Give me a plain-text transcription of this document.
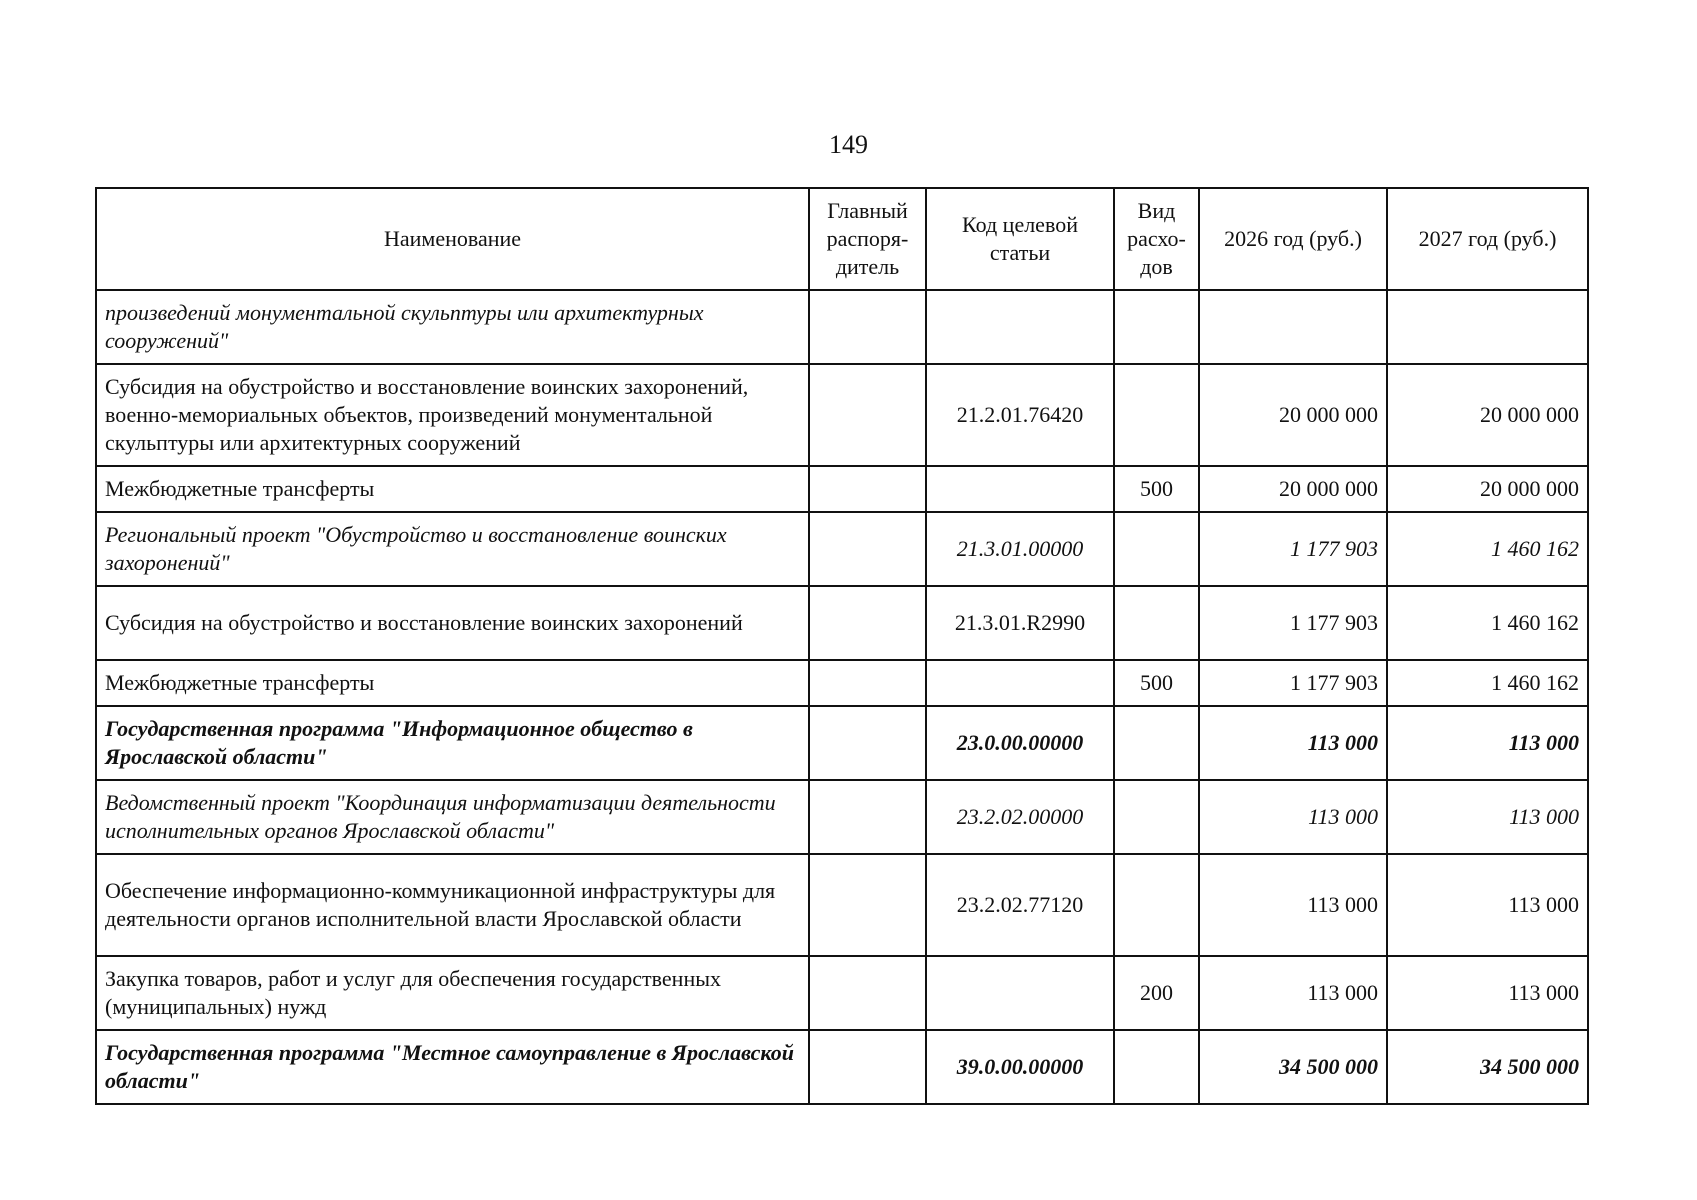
149
Наименование	Главный распоря-дитель	Код целевой статьи	Вид расхо-дов	2026 год (руб.)	2027 год (руб.)
произведений монументальной скульптуры или архитектурных сооружений"					
Субсидия на обустройство и восстановление воинских захоронений, военно-мемориальных объектов, произведений монументальной скульптуры или архитектурных сооружений		21.2.01.76420		20 000 000	20 000 000
Межбюджетные трансферты			500	20 000 000	20 000 000
Региональный проект "Обустройство и восстановление воинских захоронений"		21.3.01.00000		1 177 903	1 460 162
Субсидия на обустройство и восстановление воинских захоронений		21.3.01.R2990		1 177 903	1 460 162
Межбюджетные трансферты			500	1 177 903	1 460 162
Государственная программа "Информационное общество в Ярославской области"		23.0.00.00000		113 000	113 000
Ведомственный проект "Координация информатизации деятельности исполнительных органов Ярославской области"		23.2.02.00000		113 000	113 000
Обеспечение информационно-коммуникационной инфраструктуры для деятельности органов исполнительной власти Ярославской области		23.2.02.77120		113 000	113 000
Закупка товаров, работ и услуг для обеспечения государственных (муниципальных) нужд			200	113 000	113 000
Государственная программа "Местное самоуправление в Ярославской области"		39.0.00.00000		34 500 000	34 500 000
